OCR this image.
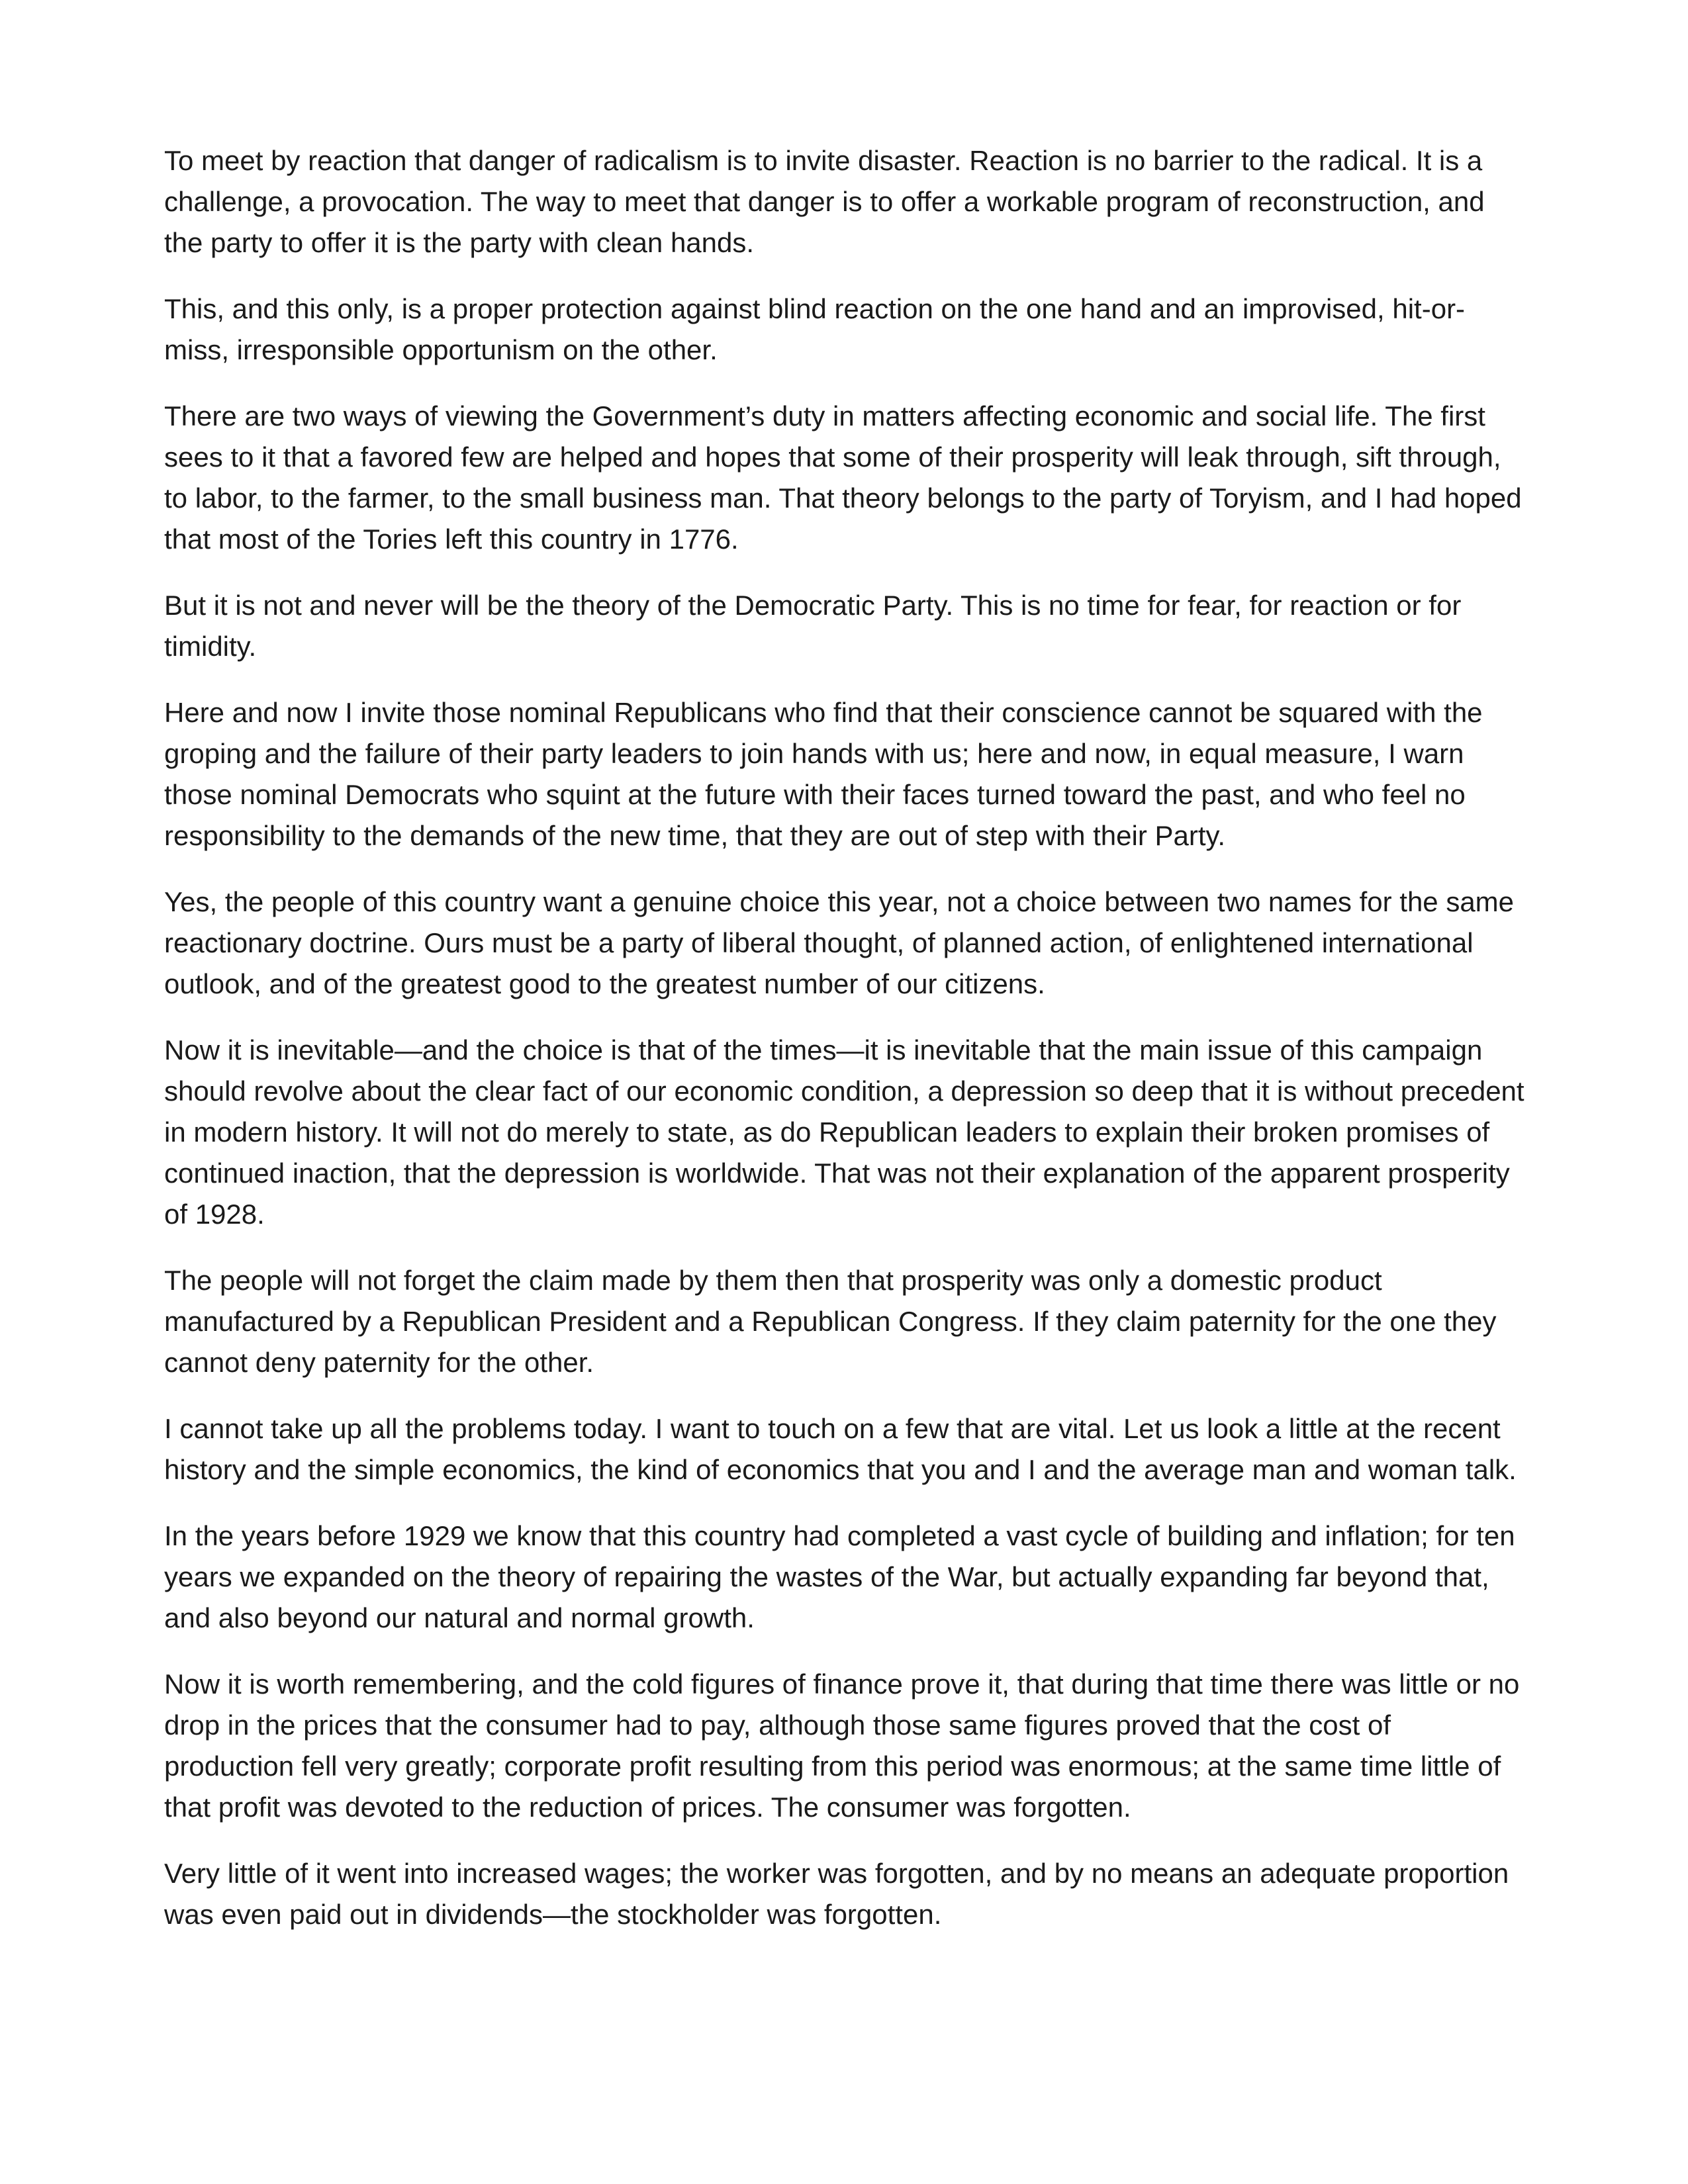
To meet by reaction that danger of radicalism is to invite disaster. Reaction is no barrier to the radical. It is a challenge, a provocation. The way to meet that danger is to offer a workable program of reconstruction, and the party to offer it is the party with clean hands.

This, and this only, is a proper protection against blind reaction on the one hand and an improvised, hit-or-miss, irresponsible opportunism on the other.

There are two ways of viewing the Government’s duty in matters affecting economic and social life. The first sees to it that a favored few are helped and hopes that some of their prosperity will leak through, sift through, to labor, to the farmer, to the small business man. That theory belongs to the party of Toryism, and I had hoped that most of the Tories left this country in 1776.

But it is not and never will be the theory of the Democratic Party. This is no time for fear, for reaction or for timidity.

Here and now I invite those nominal Republicans who find that their conscience cannot be squared with the groping and the failure of their party leaders to join hands with us; here and now, in equal measure, I warn those nominal Democrats who squint at the future with their faces turned toward the past, and who feel no responsibility to the demands of the new time, that they are out of step with their Party.

Yes, the people of this country want a genuine choice this year, not a choice between two names for the same reactionary doctrine. Ours must be a party of liberal thought, of planned action, of enlightened international outlook, and of the greatest good to the greatest number of our citizens.

Now it is inevitable—and the choice is that of the times—it is inevitable that the main issue of this campaign should revolve about the clear fact of our economic condition, a depression so deep that it is without precedent in modern history. It will not do merely to state, as do Republican leaders to explain their broken promises of continued inaction, that the depression is worldwide. That was not their explanation of the apparent prosperity of 1928.

The people will not forget the claim made by them then that prosperity was only a domestic product manufactured by a Republican President and a Republican Congress. If they claim paternity for the one they cannot deny paternity for the other.

I cannot take up all the problems today. I want to touch on a few that are vital. Let us look a little at the recent history and the simple economics, the kind of economics that you and I and the average man and woman talk.

In the years before 1929 we know that this country had completed a vast cycle of building and inflation; for ten years we expanded on the theory of repairing the wastes of the War, but actually expanding far beyond that, and also beyond our natural and normal growth.

Now it is worth remembering, and the cold figures of finance prove it, that during that time there was little or no drop in the prices that the consumer had to pay, although those same figures proved that the cost of production fell very greatly; corporate profit resulting from this period was enormous; at the same time little of that profit was devoted to the reduction of prices. The consumer was forgotten.

Very little of it went into increased wages; the worker was forgotten, and by no means an adequate proportion was even paid out in dividends—the stockholder was forgotten.
